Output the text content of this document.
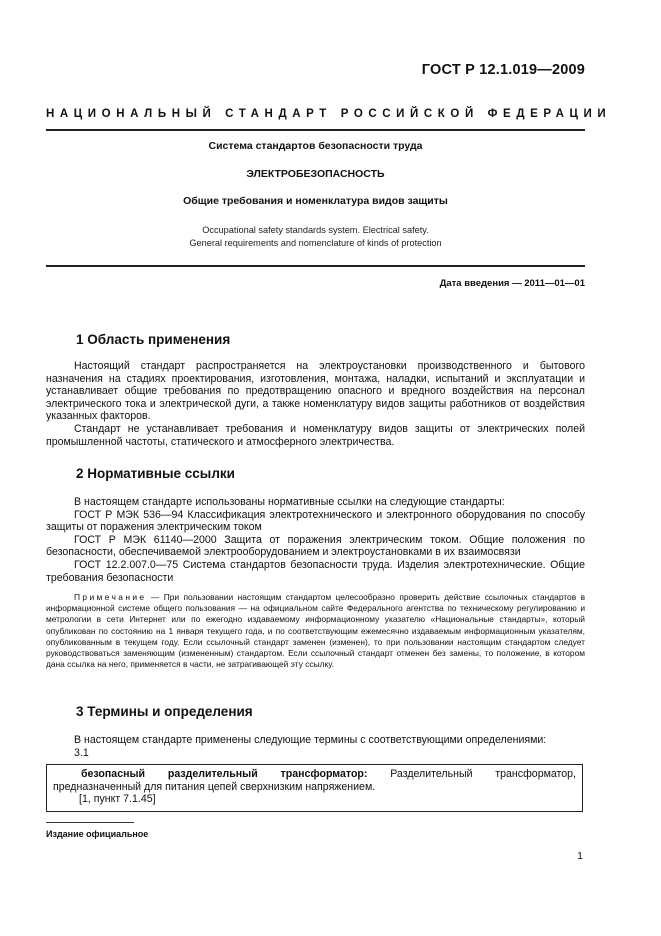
ГОСТ Р 12.1.019—2009
НАЦИОНАЛЬНЫЙ СТАНДАРТ РОССИЙСКОЙ ФЕДЕРАЦИИ
Система стандартов безопасности труда
ЭЛЕКТРОБЕЗОПАСНОСТЬ
Общие требования и номенклатура видов защиты
Occupational safety standards system. Electrical safety.
General requirements and nomenclature of kinds of protection
Дата введения — 2011—01—01
1 Область применения

Настоящий стандарт распространяется на электроустановки производственного и бытового назначения на стадиях проектирования, изготовления, монтажа, наладки, испытаний и эксплуатации и устанавливает общие требования по предотвращению опасного и вредного воздействия на персонал электрического тока и электрической дуги, а также номенклатуру видов защиты работников от воздействия указанных факторов.

Стандарт не устанавливает требования и номенклатуру видов защиты от электрических полей промышленной частоты, статического и атмосферного электричества.

2 Нормативные ссылки

В настоящем стандарте использованы нормативные ссылки на следующие стандарты:

ГОСТ Р МЭК 536—94 Классификация электротехнического и электронного оборудования по способу защиты от поражения электрическим током

ГОСТ Р МЭК 61140—2000 Защита от поражения электрическим током. Общие положения по безопасности, обеспечиваемой электрооборудованием и электроустановками в их взаимосвязи

ГОСТ 12.2.007.0—75 Система стандартов безопасности труда. Изделия электротехнические. Общие требования безопасности

Примечание — При пользовании настоящим стандартом целесообразно проверить действие ссылочных стандартов в информационной системе общего пользования — на официальном сайте Федерального агентства по техническому регулированию и метрологии в сети Интернет или по ежегодно издаваемому информационному указателю «Национальные стандарты», который опубликован по состоянию на 1 января текущего года, и по соответствующим ежемесячно издаваемым информационным указателям, опубликованным в текущем году. Если ссылочный стандарт заменен (изменен), то при пользовании настоящим стандартом следует руководствоваться заменяющим (измененным) стандартом. Если ссылочный стандарт отменен без замены, то положение, в котором дана ссылка на него, применяется в части, не затрагивающей эту ссылку.
3 Термины и определения

В настоящем стандарте применены следующие термины с соответствующими определениями:

3.1
безопасный разделительный трансформатор: Разделительный трансформатор, предназначенный для питания цепей сверхнизким напряжением.
[1, пункт 7.1.45]
Издание официальное
1
